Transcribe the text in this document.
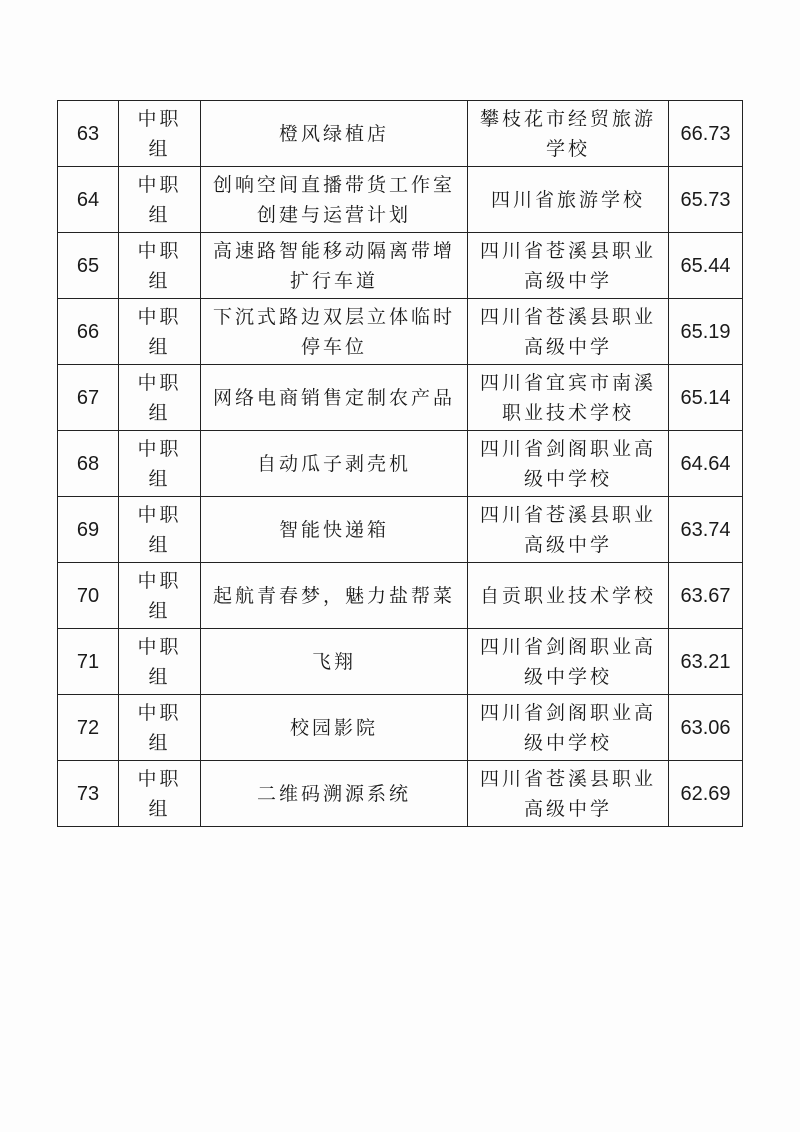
63	中职组	橙风绿植店	攀枝花市经贸旅游学校	66.73
64	中职组	创响空间直播带货工作室创建与运营计划	四川省旅游学校	65.73
65	中职组	高速路智能移动隔离带增扩行车道	四川省苍溪县职业高级中学	65.44
66	中职组	下沉式路边双层立体临时停车位	四川省苍溪县职业高级中学	65.19
67	中职组	网络电商销售定制农产品	四川省宜宾市南溪职业技术学校	65.14
68	中职组	自动瓜子剥壳机	四川省剑阁职业高级中学校	64.64
69	中职组	智能快递箱	四川省苍溪县职业高级中学	63.74
70	中职组	起航青春梦，魅力盐帮菜	自贡职业技术学校	63.67
71	中职组	飞翔	四川省剑阁职业高级中学校	63.21
72	中职组	校园影院	四川省剑阁职业高级中学校	63.06
73	中职组	二维码溯源系统	四川省苍溪县职业高级中学	62.69
